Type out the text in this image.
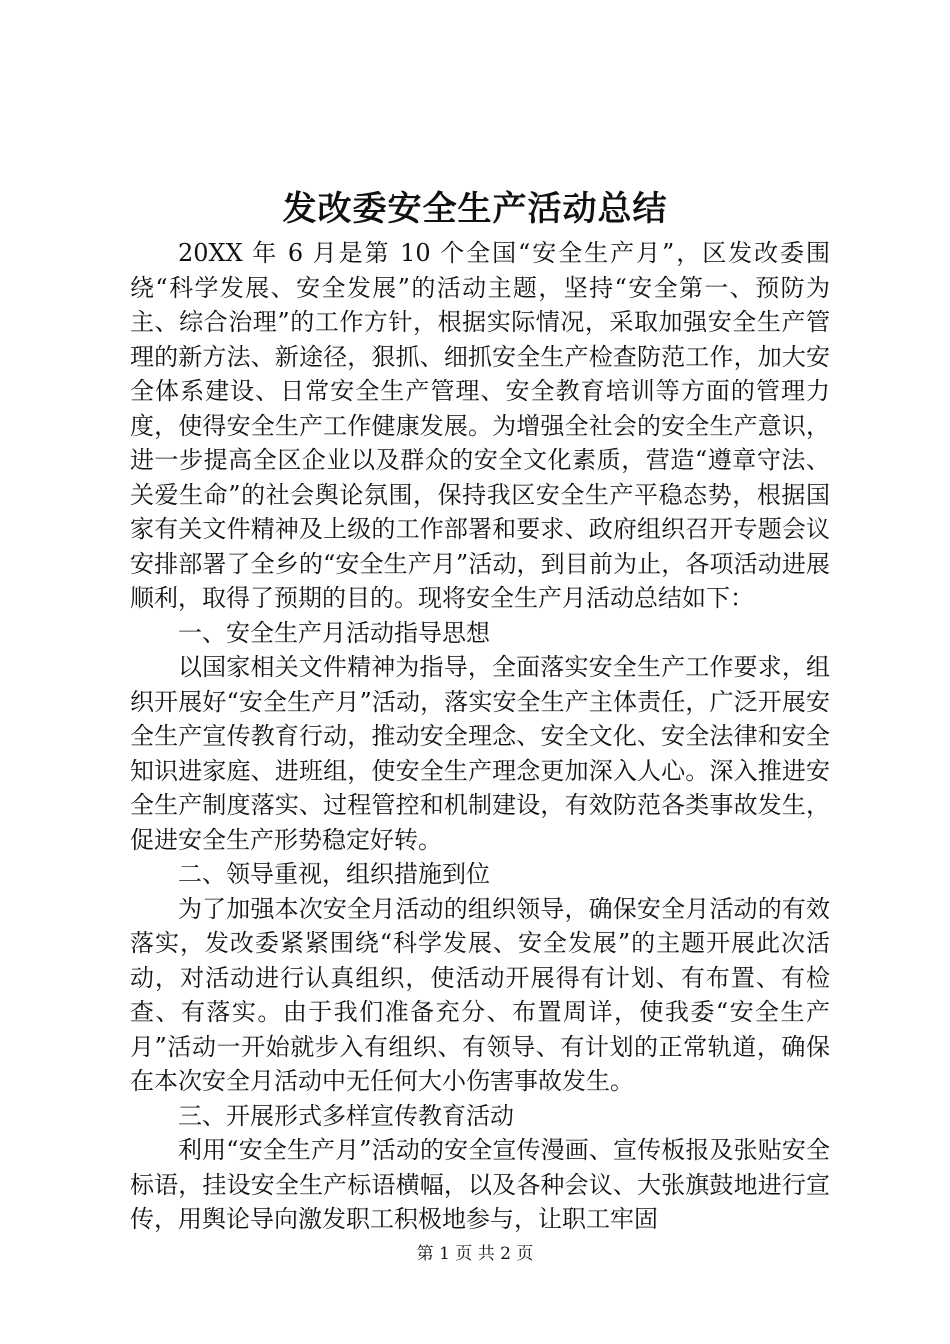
发改委安全生产活动总结

20XX 年 6 月是第 10 个全国“安全生产月”，区发改委围绕“科学发展、安全发展”的活动主题，坚持“安全第一、预防为主、综合治理”的工作方针，根据实际情况，采取加强安全生产管理的新方法、新途径，狠抓、细抓安全生产检查防范工作，加大安全体系建设、日常安全生产管理、安全教育培训等方面的管理力度，使得安全生产工作健康发展。为增强全社会的安全生产意识，进一步提高全区企业以及群众的安全文化素质，营造“遵章守法、关爱生命”的社会舆论氛围，保持我区安全生产平稳态势，根据国家有关文件精神及上级的工作部署和要求、政府组织召开专题会议安排部署了全乡的“安全生产月”活动，到目前为止，各项活动进展顺利，取得了预期的目的。现将安全生产月活动总结如下：

一、安全生产月活动指导思想

以国家相关文件精神为指导，全面落实安全生产工作要求，组织开展好“安全生产月”活动，落实安全生产主体责任，广泛开展安全生产宣传教育行动，推动安全理念、安全文化、安全法律和安全知识进家庭、进班组，使安全生产理念更加深入人心。深入推进安全生产制度落实、过程管控和机制建设，有效防范各类事故发生，促进安全生产形势稳定好转。

二、领导重视，组织措施到位

为了加强本次安全月活动的组织领导，确保安全月活动的有效落实，发改委紧紧围绕“科学发展、安全发展”的主题开展此次活动，对活动进行认真组织，使活动开展得有计划、有布置、有检查、有落实。由于我们准备充分、布置周详，使我委“安全生产月”活动一开始就步入有组织、有领导、有计划的正常轨道，确保在本次安全月活动中无任何大小伤害事故发生。

三、开展形式多样宣传教育活动

利用“安全生产月”活动的安全宣传漫画、宣传板报及张贴安全标语，挂设安全生产标语横幅，以及各种会议、大张旗鼓地进行宣传，用舆论导向激发职工积极地参与，让职工牢固

第 1 页 共 2 页
